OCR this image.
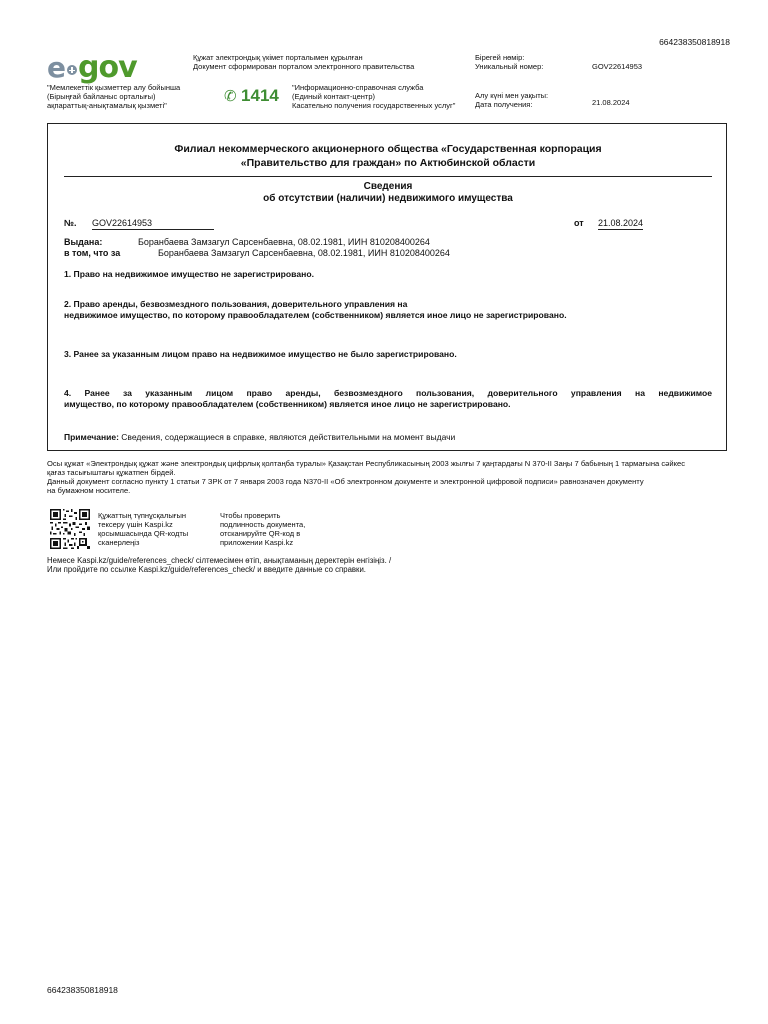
664238350818918
e gov
"Мемлекеттік қызметтер алу бойынша
(Бірыңғай байланыс орталығы)
ақпараттық-анықтамалық қызметі"
Құжат электрондық үкімет порталымен құрылған
Документ сформирован порталом электронного правительства
✆ 1414 "Информационно-справочная служба
(Единый контакт-центр)
Касательно получения государственных услуг"
Бірегей нөмір:
Уникальный номер:	GOV22614953
Алу күні мен уақыты:
Дата получения:	21.08.2024
Филиал некоммерческого акционерного общества «Государственная корпорация
«Правительство для граждан» по Актюбинской области
Сведения
об отсутствии (наличии) недвижимого имущества
№. GOV22614953	от 21.08.2024
Выдана:	Боранбаева Замзагул Сарсенбаевна, 08.02.1981, ИИН 810208400264
в том, что за	Боранбаева Замзагул Сарсенбаевна, 08.02.1981, ИИН 810208400264
1. Право на недвижимое имущество не зарегистрировано.
2. Право аренды, безвозмездного пользования, доверительного управления на
недвижимое имущество, по которому правообладателем (собственником) является иное лицо не зарегистрировано.
3. Ранее за указанным лицом право на недвижимое имущество не было зарегистрировано.
4. Ранее за указанным лицом право аренды, безвозмездного пользования, доверительного управления на недвижимое
имущество, по которому правообладателем (собственником) является иное лицо не зарегистрировано.
Примечание: Сведения, содержащиеся в справке, являются действительными на момент выдачи
Осы құжат «Электрондық құжат және электрондық цифрлық қолтаңба туралы» Қазақстан Республикасының 2003 жылғы 7 қаңтардағы N 370-II Заңы 7 бабының 1 тармағына сәйкес
қағаз тасығыштағы құжатпен бірдей.
Данный документ согласно пункту 1 статьи 7 ЗРК от 7 января 2003 года N370-II «Об электронном документе и электронной цифровой подписи» равнозначен документу
на бумажном носителе.
Құжаттың түпнұсқалығын
тексеру үшін Kaspi.kz
қосымшасында QR-кодты
сканерлеңіз
Чтобы проверить
подлинность документа,
отсканируйте QR-код в
приложении Kaspi.kz
Немесе Kaspi.kz/guide/references_check/ сілтемесімен өтіп, анықтаманың деректерін енгізіңіз. /
Или пройдите по ссылке Kaspi.kz/guide/references_check/ и введите данные со справки.
664238350818918
